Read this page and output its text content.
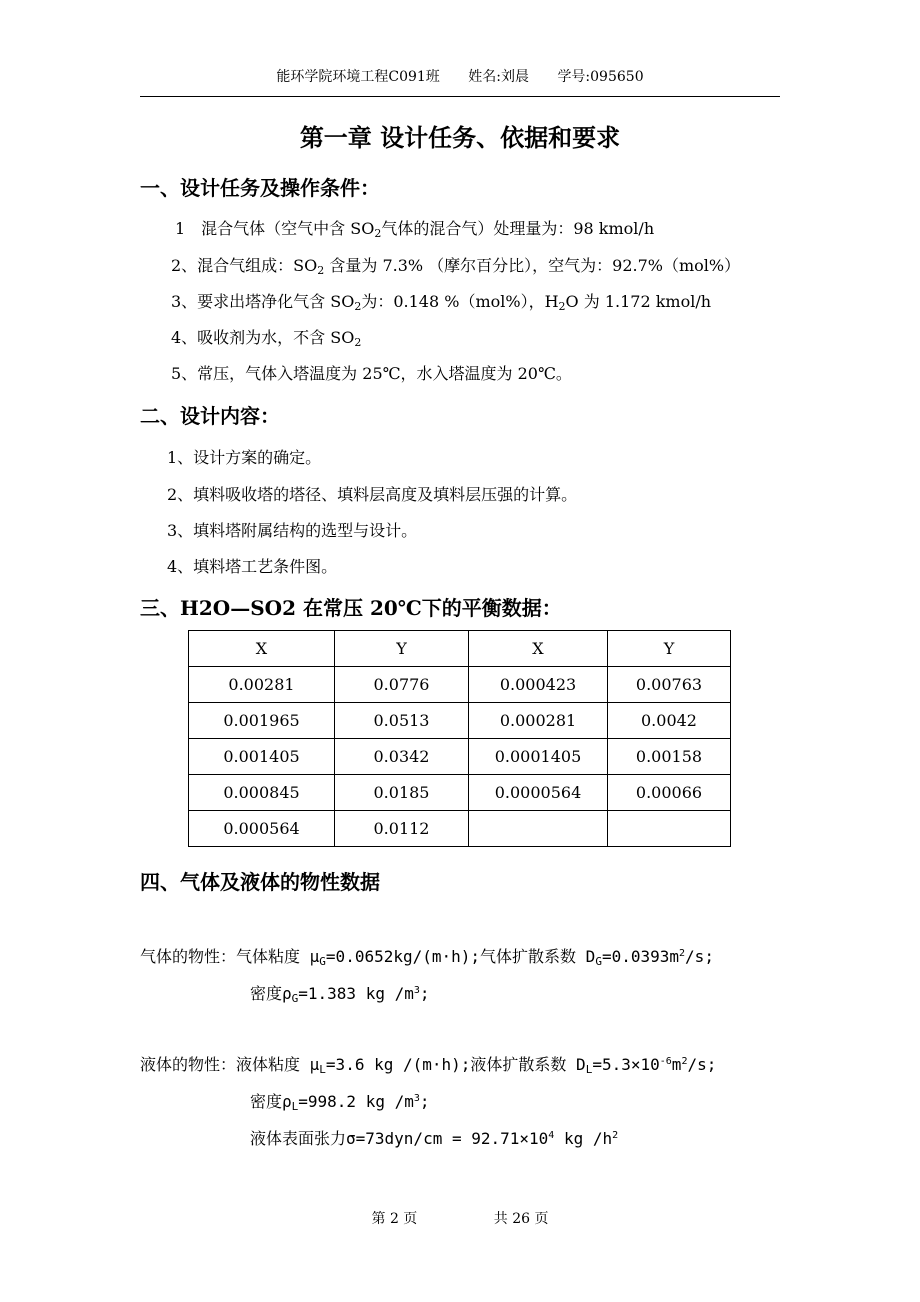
能环学院环境工程C091班 姓名:刘晨 学号:095650
第一章 设计任务、依据和要求
一、设计任务及操作条件：
1　混合气体（空气中含 $SO_2$气体的混合气）处理量为：98 kmol/h
2、混合气组成：$SO_2$ 含量为 7.3% （摩尔百分比），空气为：92.7%（mol%）
3、要求出塔净化气含 $SO_2$为：0.148 %（mol%），$H_2O$ 为 1.172 kmol/h
4、吸收剂为水，不含 $SO_2$
5、常压，气体入塔温度为 25℃，水入塔温度为 20℃。
二、设计内容：
1、设计方案的确定。
2、填料吸收塔的塔径、填料层高度及填料层压强的计算。
3、填料塔附属结构的选型与设计。
4、填料塔工艺条件图。
三、H2O—SO2 在常压 20℃下的平衡数据：
X	Y	X	Y
0.00281	0.0776	0.000423	0.00763
0.001965	0.0513	0.000281	0.0042
0.001405	0.0342	0.0001405	0.00158
0.000845	0.0185	0.0000564	0.00066
0.000564	0.0112		
四、气体及液体的物性数据
气体的物性：气体粘度 $\mu_G=0.0652kg/(m\cdot h)$;气体扩散系数 $D_G=0.0393m^2/s$;
密度$\rho_G=1.383$ kg $/m^3$;
液体的物性：液体粘度 $\mu_L=3.6$ kg /(m·h);液体扩散系数 $D_L=5.3\times 10^{-6}m^2/s$;
密度$\rho_L=998.2$ kg $/m^3$;
液体表面张力$\sigma=73dyn/cm = 92.71\times 10^4$ kg $/h^2$
第 2 页	共 26 页
